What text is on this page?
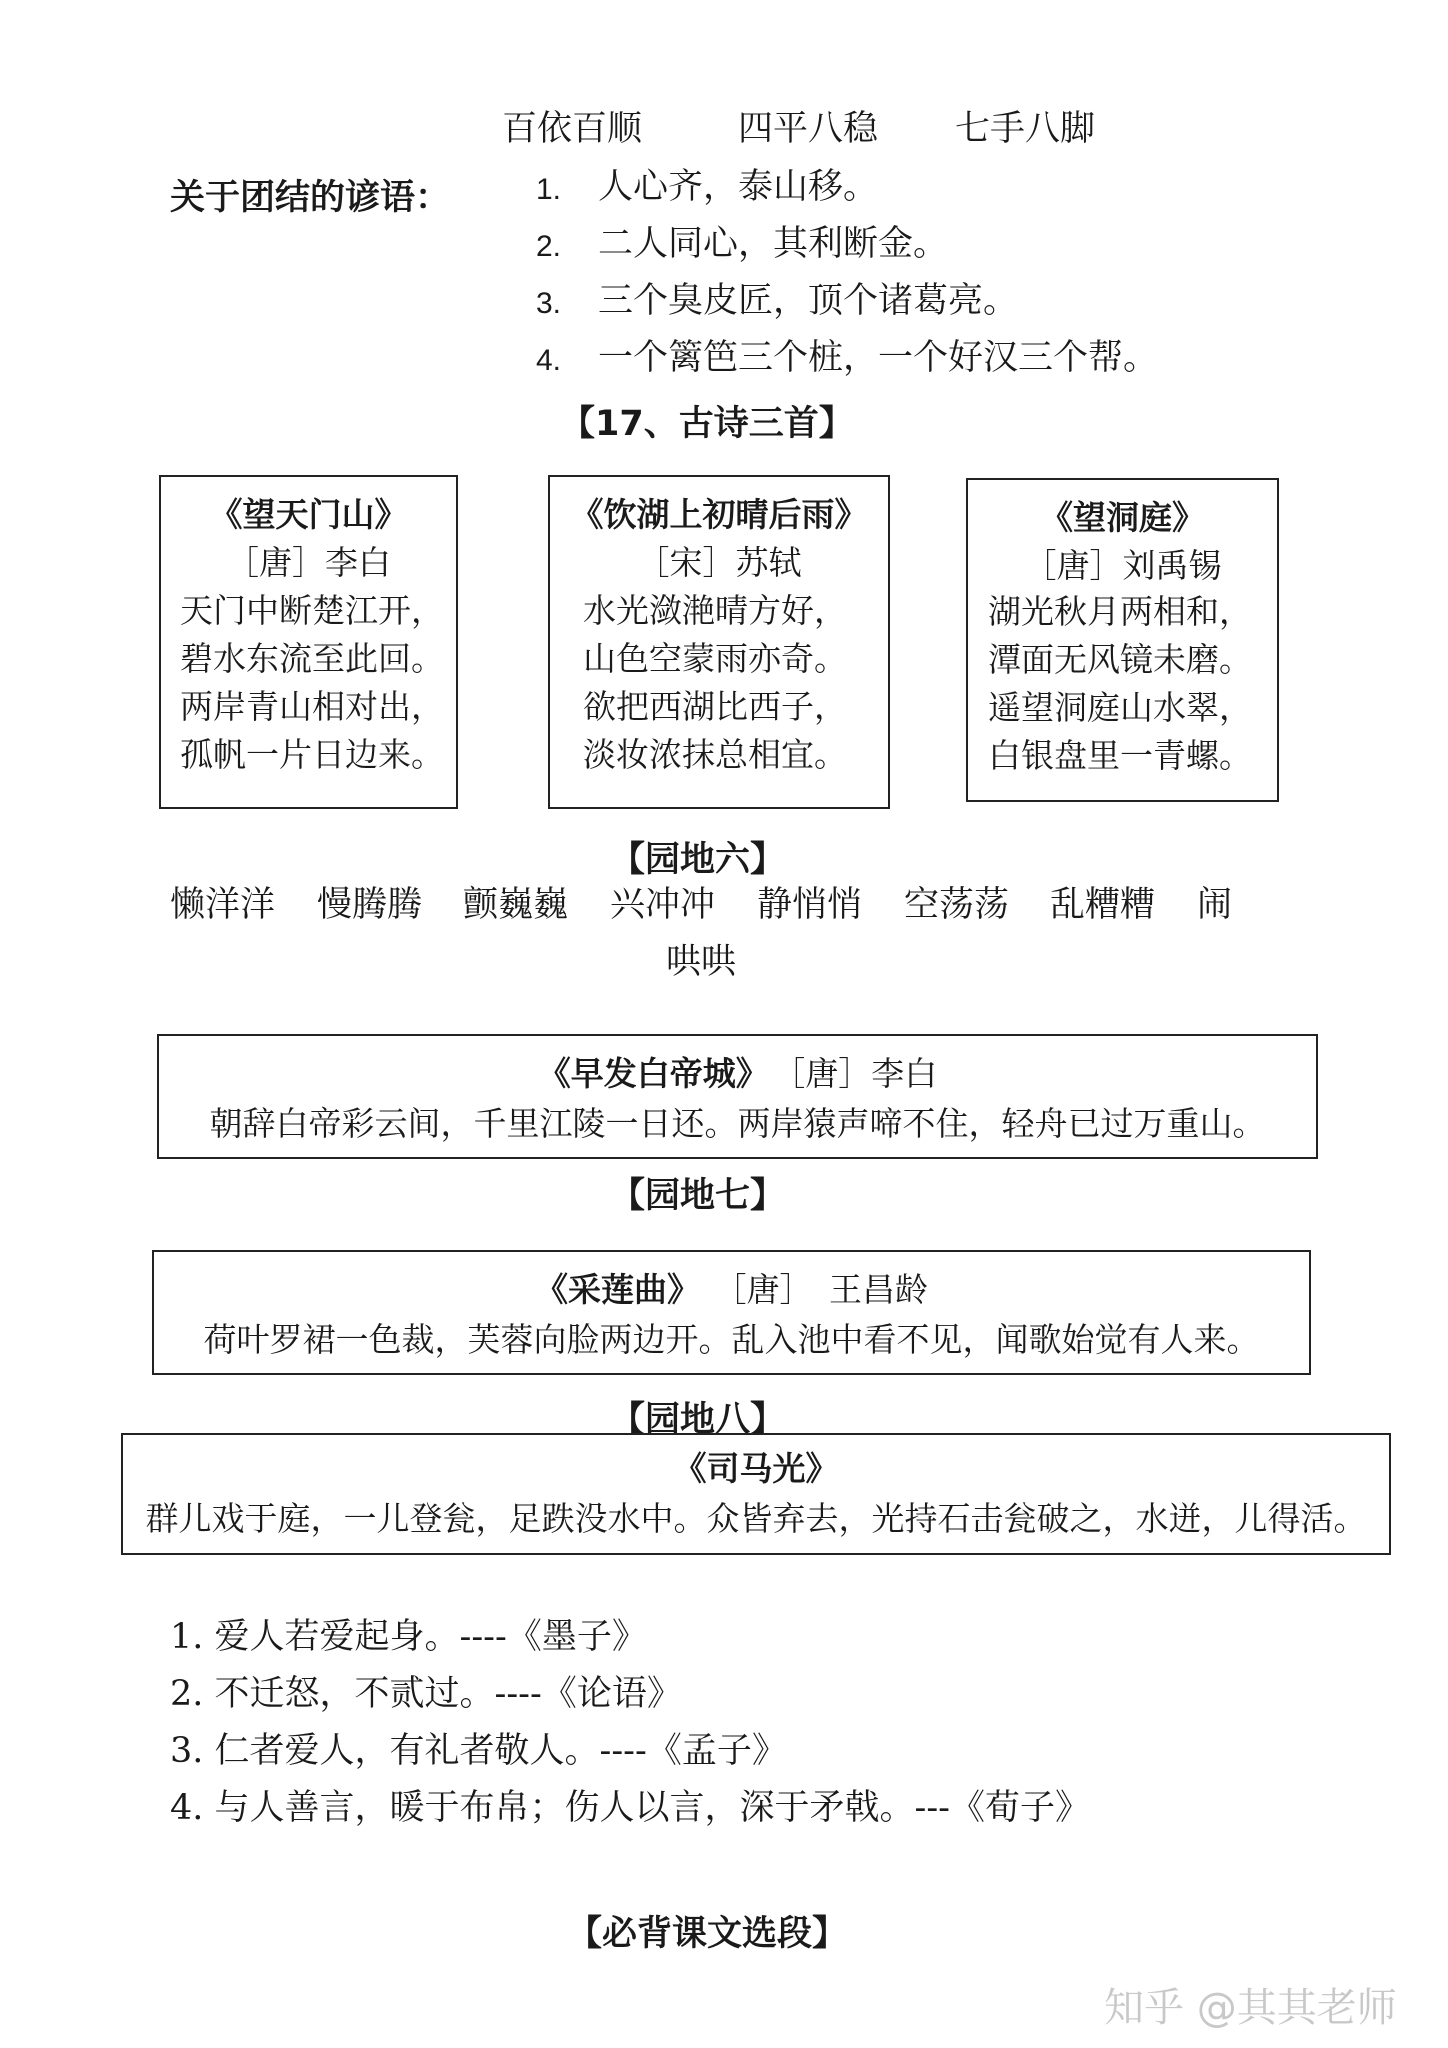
百依百顺	四平八稳 七手八脚
关于团结的谚语：	1. 人心齐，泰山移。
2. 二人同心，其利断金。
3. 三个臭皮匠，顶个诸葛亮。
4. 一个篱笆三个桩，一个好汉三个帮。
【17、古诗三首】
《望天门山》
［唐］李白
天门中断楚江开，
碧水东流至此回。
两岸青山相对出，
孤帆一片日边来。
《饮湖上初晴后雨》
［宋］苏轼
水光潋滟晴方好，
山色空蒙雨亦奇。
欲把西湖比西子，
淡妆浓抹总相宜。
《望洞庭》
［唐］刘禹锡
湖光秋月两相和，
潭面无风镜未磨。
遥望洞庭山水翠，
白银盘里一青螺。
【园地六】
懒洋洋 慢腾腾 颤巍巍 兴冲冲 静悄悄 空荡荡 乱糟糟 闹
哄哄
《早发白帝城》 ［唐］李白
朝辞白帝彩云间，千里江陵一日还。两岸猿声啼不住，轻舟已过万重山。
【园地七】
《采莲曲》 ［唐］　王昌龄
荷叶罗裙一色裁，芙蓉向脸两边开。乱入池中看不见，闻歌始觉有人来。
【园地八】
《司马光》
群儿戏于庭，一儿登瓮，足跌没水中。众皆弃去，光持石击瓮破之，水迸，儿得活。
1. 爱人若爱起身。----《墨子》
2. 不迁怒，不贰过。----《论语》
3. 仁者爱人，有礼者敬人。----《孟子》
4. 与人善言，暖于布帛；伤人以言，深于矛戟。---《荀子》
【必背课文选段】
知乎 @其其老师
